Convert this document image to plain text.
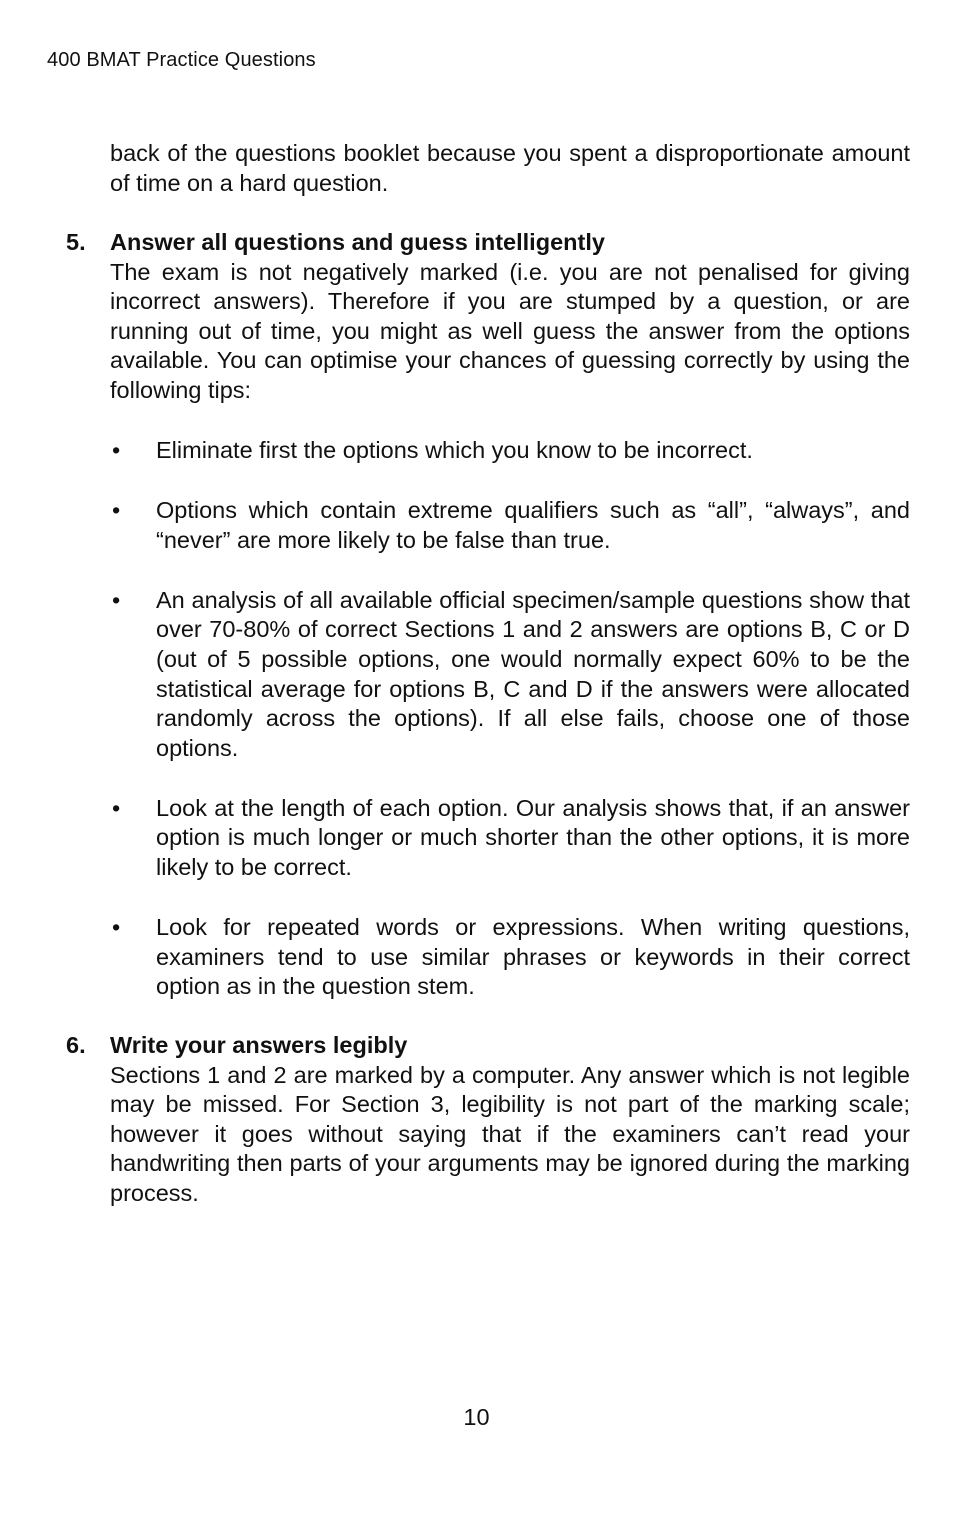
400 BMAT Practice Questions

back of the questions booklet because you spent a disproportionate amount of time on a hard question.

5.	Answer all questions and guess intelligently

The exam is not negatively marked (i.e. you are not penalised for giving incorrect answers). Therefore if you are stumped by a question, or are running out of time, you might as well guess the answer from the options available. You can optimise your chances of guessing correctly by using the following tips:

•	Eliminate first the options which you know to be incorrect.
•	Options which contain extreme qualifiers such as “all”, “always”, and “never” are more likely to be false than true.
•	An analysis of all available official specimen/sample questions show that over 70-80% of correct Sections 1 and 2 answers are options B, C or D (out of 5 possible options, one would normally expect 60% to be the statistical average for options B, C and D if the answers were allocated randomly across the options). If all else fails, choose one of those options.
•	Look at the length of each option. Our analysis shows that, if an answer option is much longer or much shorter than the other options, it is more likely to be correct.
•	Look for repeated words or expressions. When writing questions, examiners tend to use similar phrases or keywords in their correct option as in the question stem.
6.	Write your answers legibly

Sections 1 and 2 are marked by a computer. Any answer which is not legible may be missed. For Section 3, legibility is not part of the marking scale; however it goes without saying that if the examiners can’t read your handwriting then parts of your arguments may be ignored during the marking process.

10
